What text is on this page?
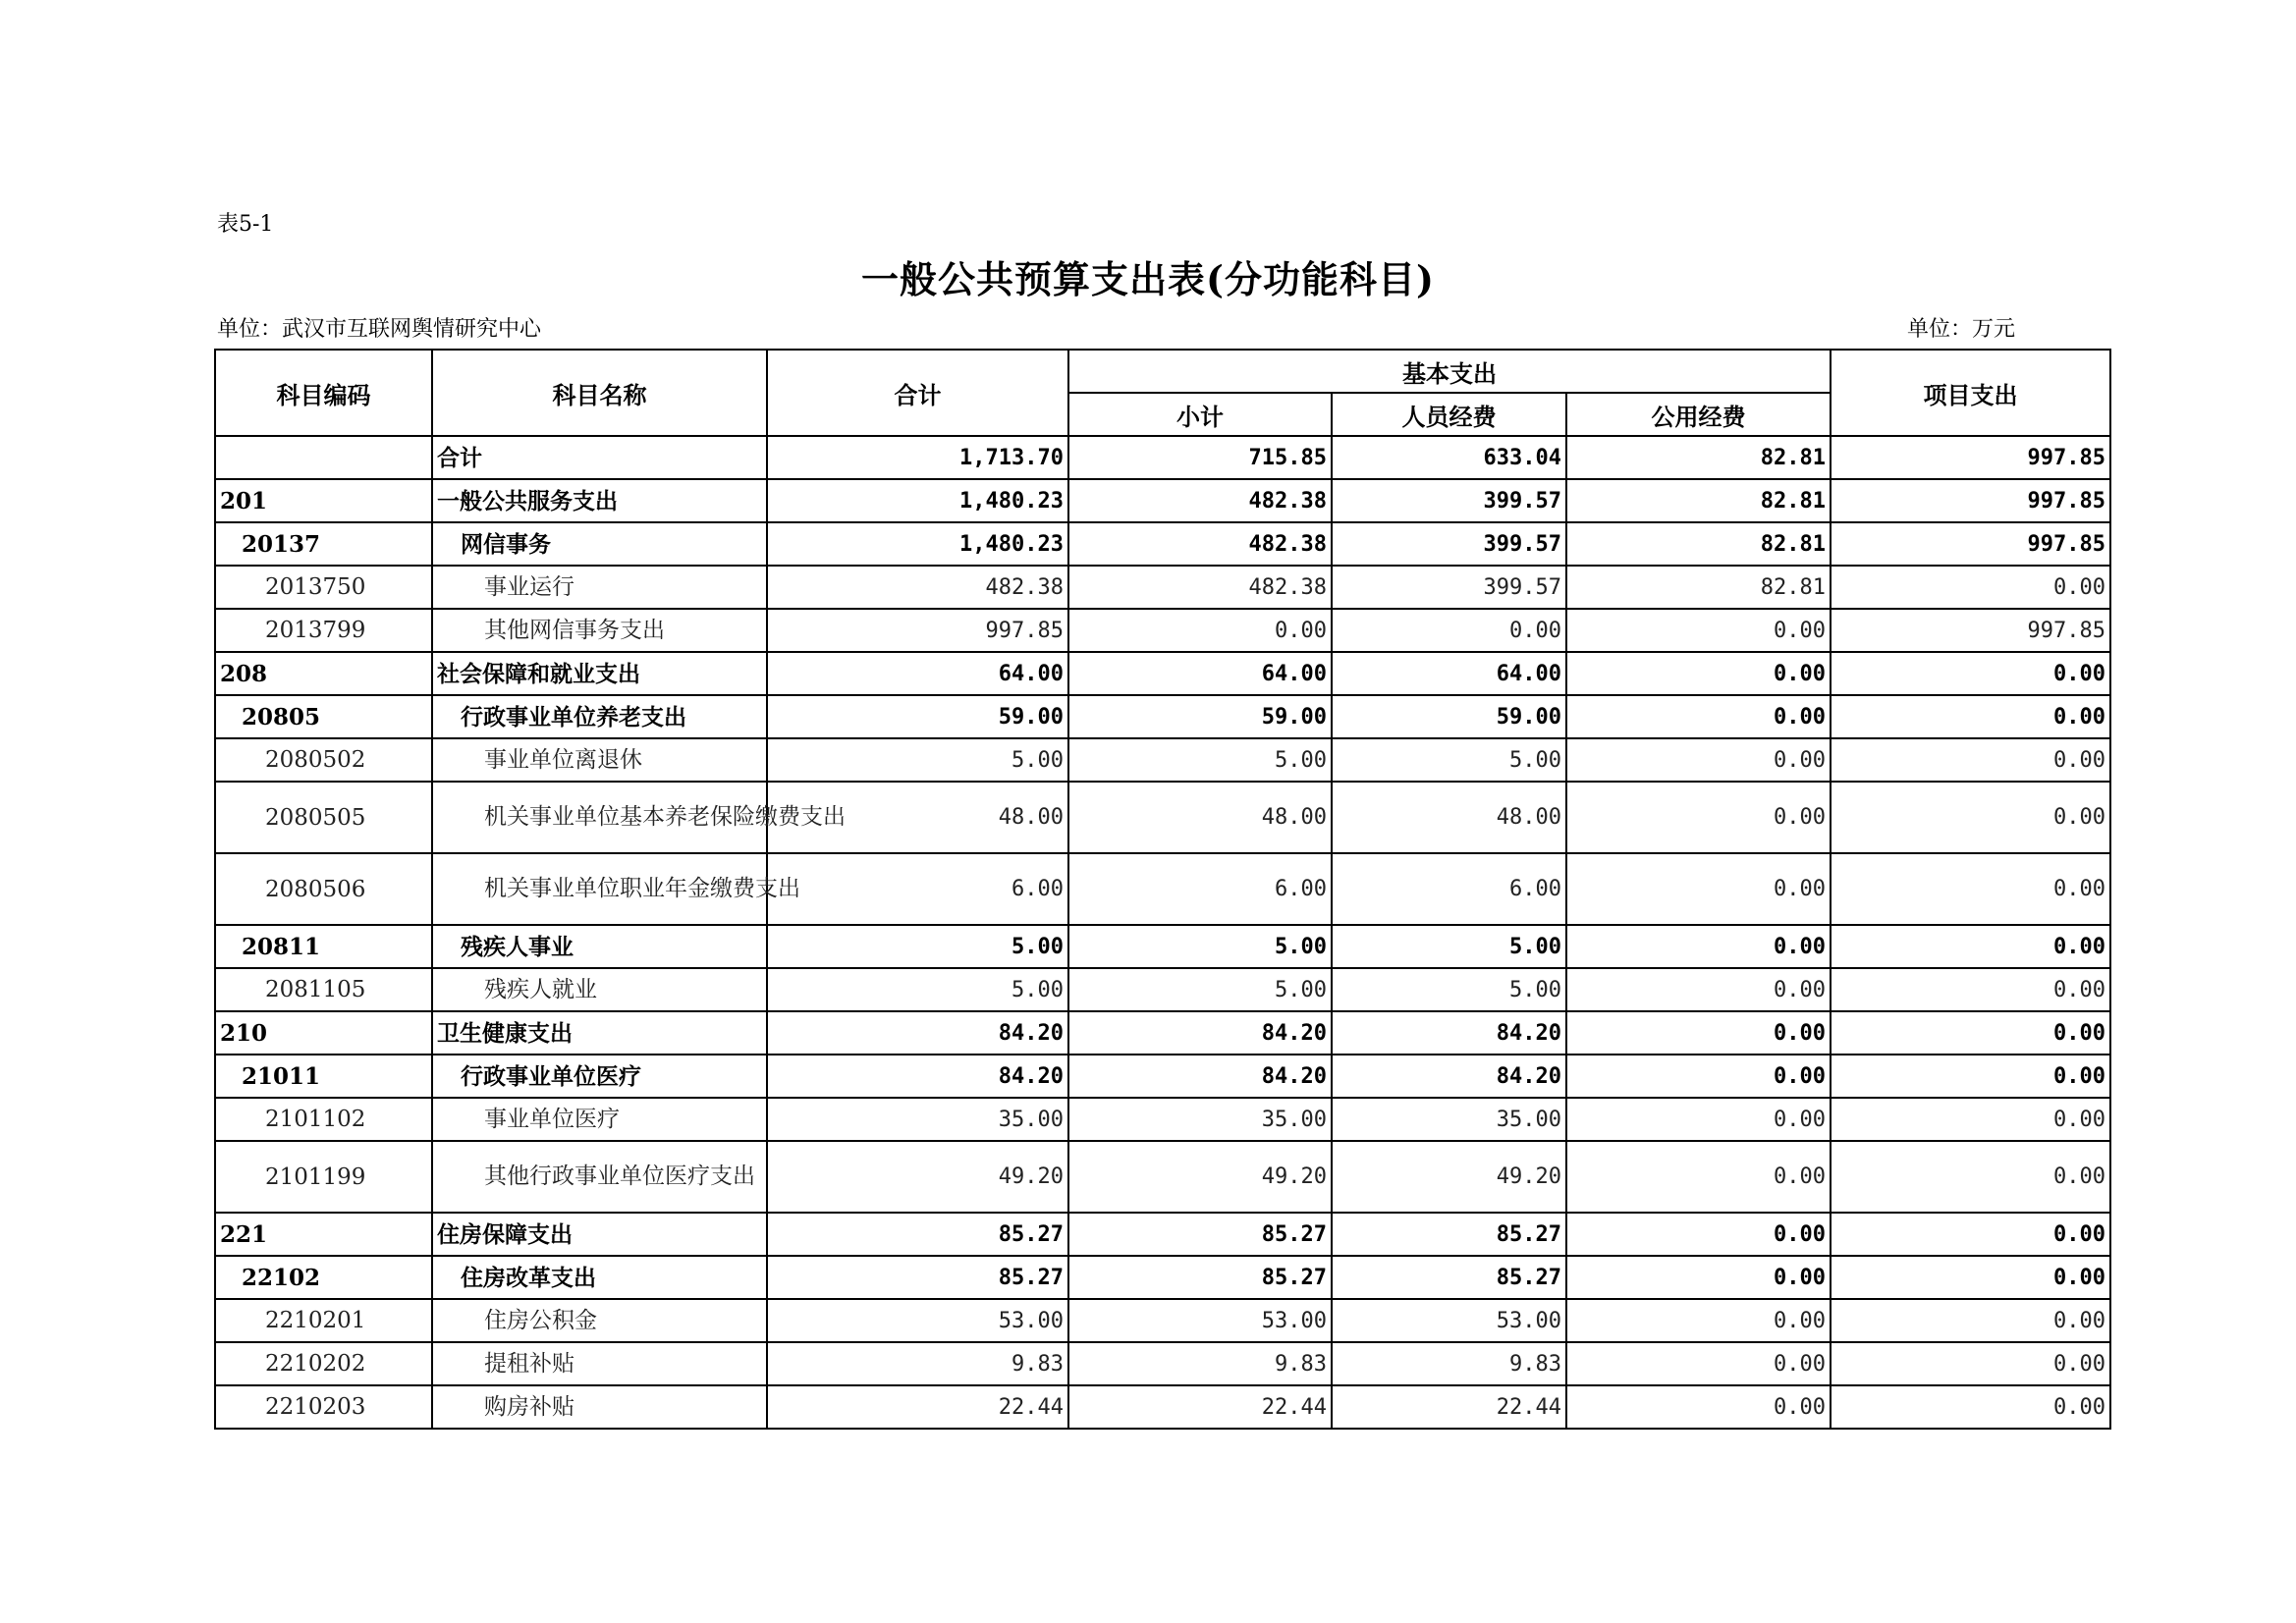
表5-1
一般公共预算支出表(分功能科目)
单位：武汉市互联网舆情研究中心	单位：万元
科目编码	科目名称	合计	基本支出			项目支出
			小计	人员经费	公用经费	
	合计	1,713.70	715.85	633.04	82.81	997.85
201	一般公共服务支出	1,480.23	482.38	399.57	82.81	997.85
20137	网信事务	1,480.23	482.38	399.57	82.81	997.85
2013750	事业运行	482.38	482.38	399.57	82.81	0.00
2013799	其他网信事务支出	997.85	0.00	0.00	0.00	997.85
208	社会保障和就业支出	64.00	64.00	64.00	0.00	0.00
20805	行政事业单位养老支出	59.00	59.00	59.00	0.00	0.00
2080502	事业单位离退休	5.00	5.00	5.00	0.00	0.00
2080505	机关事业单位基本养老保险缴费支出	48.00	48.00	48.00	0.00	0.00
2080506	机关事业单位职业年金缴费支出	6.00	6.00	6.00	0.00	0.00
20811	残疾人事业	5.00	5.00	5.00	0.00	0.00
2081105	残疾人就业	5.00	5.00	5.00	0.00	0.00
210	卫生健康支出	84.20	84.20	84.20	0.00	0.00
21011	行政事业单位医疗	84.20	84.20	84.20	0.00	0.00
2101102	事业单位医疗	35.00	35.00	35.00	0.00	0.00
2101199	其他行政事业单位医疗支出	49.20	49.20	49.20	0.00	0.00
221	住房保障支出	85.27	85.27	85.27	0.00	0.00
22102	住房改革支出	85.27	85.27	85.27	0.00	0.00
2210201	住房公积金	53.00	53.00	53.00	0.00	0.00
2210202	提租补贴	9.83	9.83	9.83	0.00	0.00
2210203	购房补贴	22.44	22.44	22.44	0.00	0.00
